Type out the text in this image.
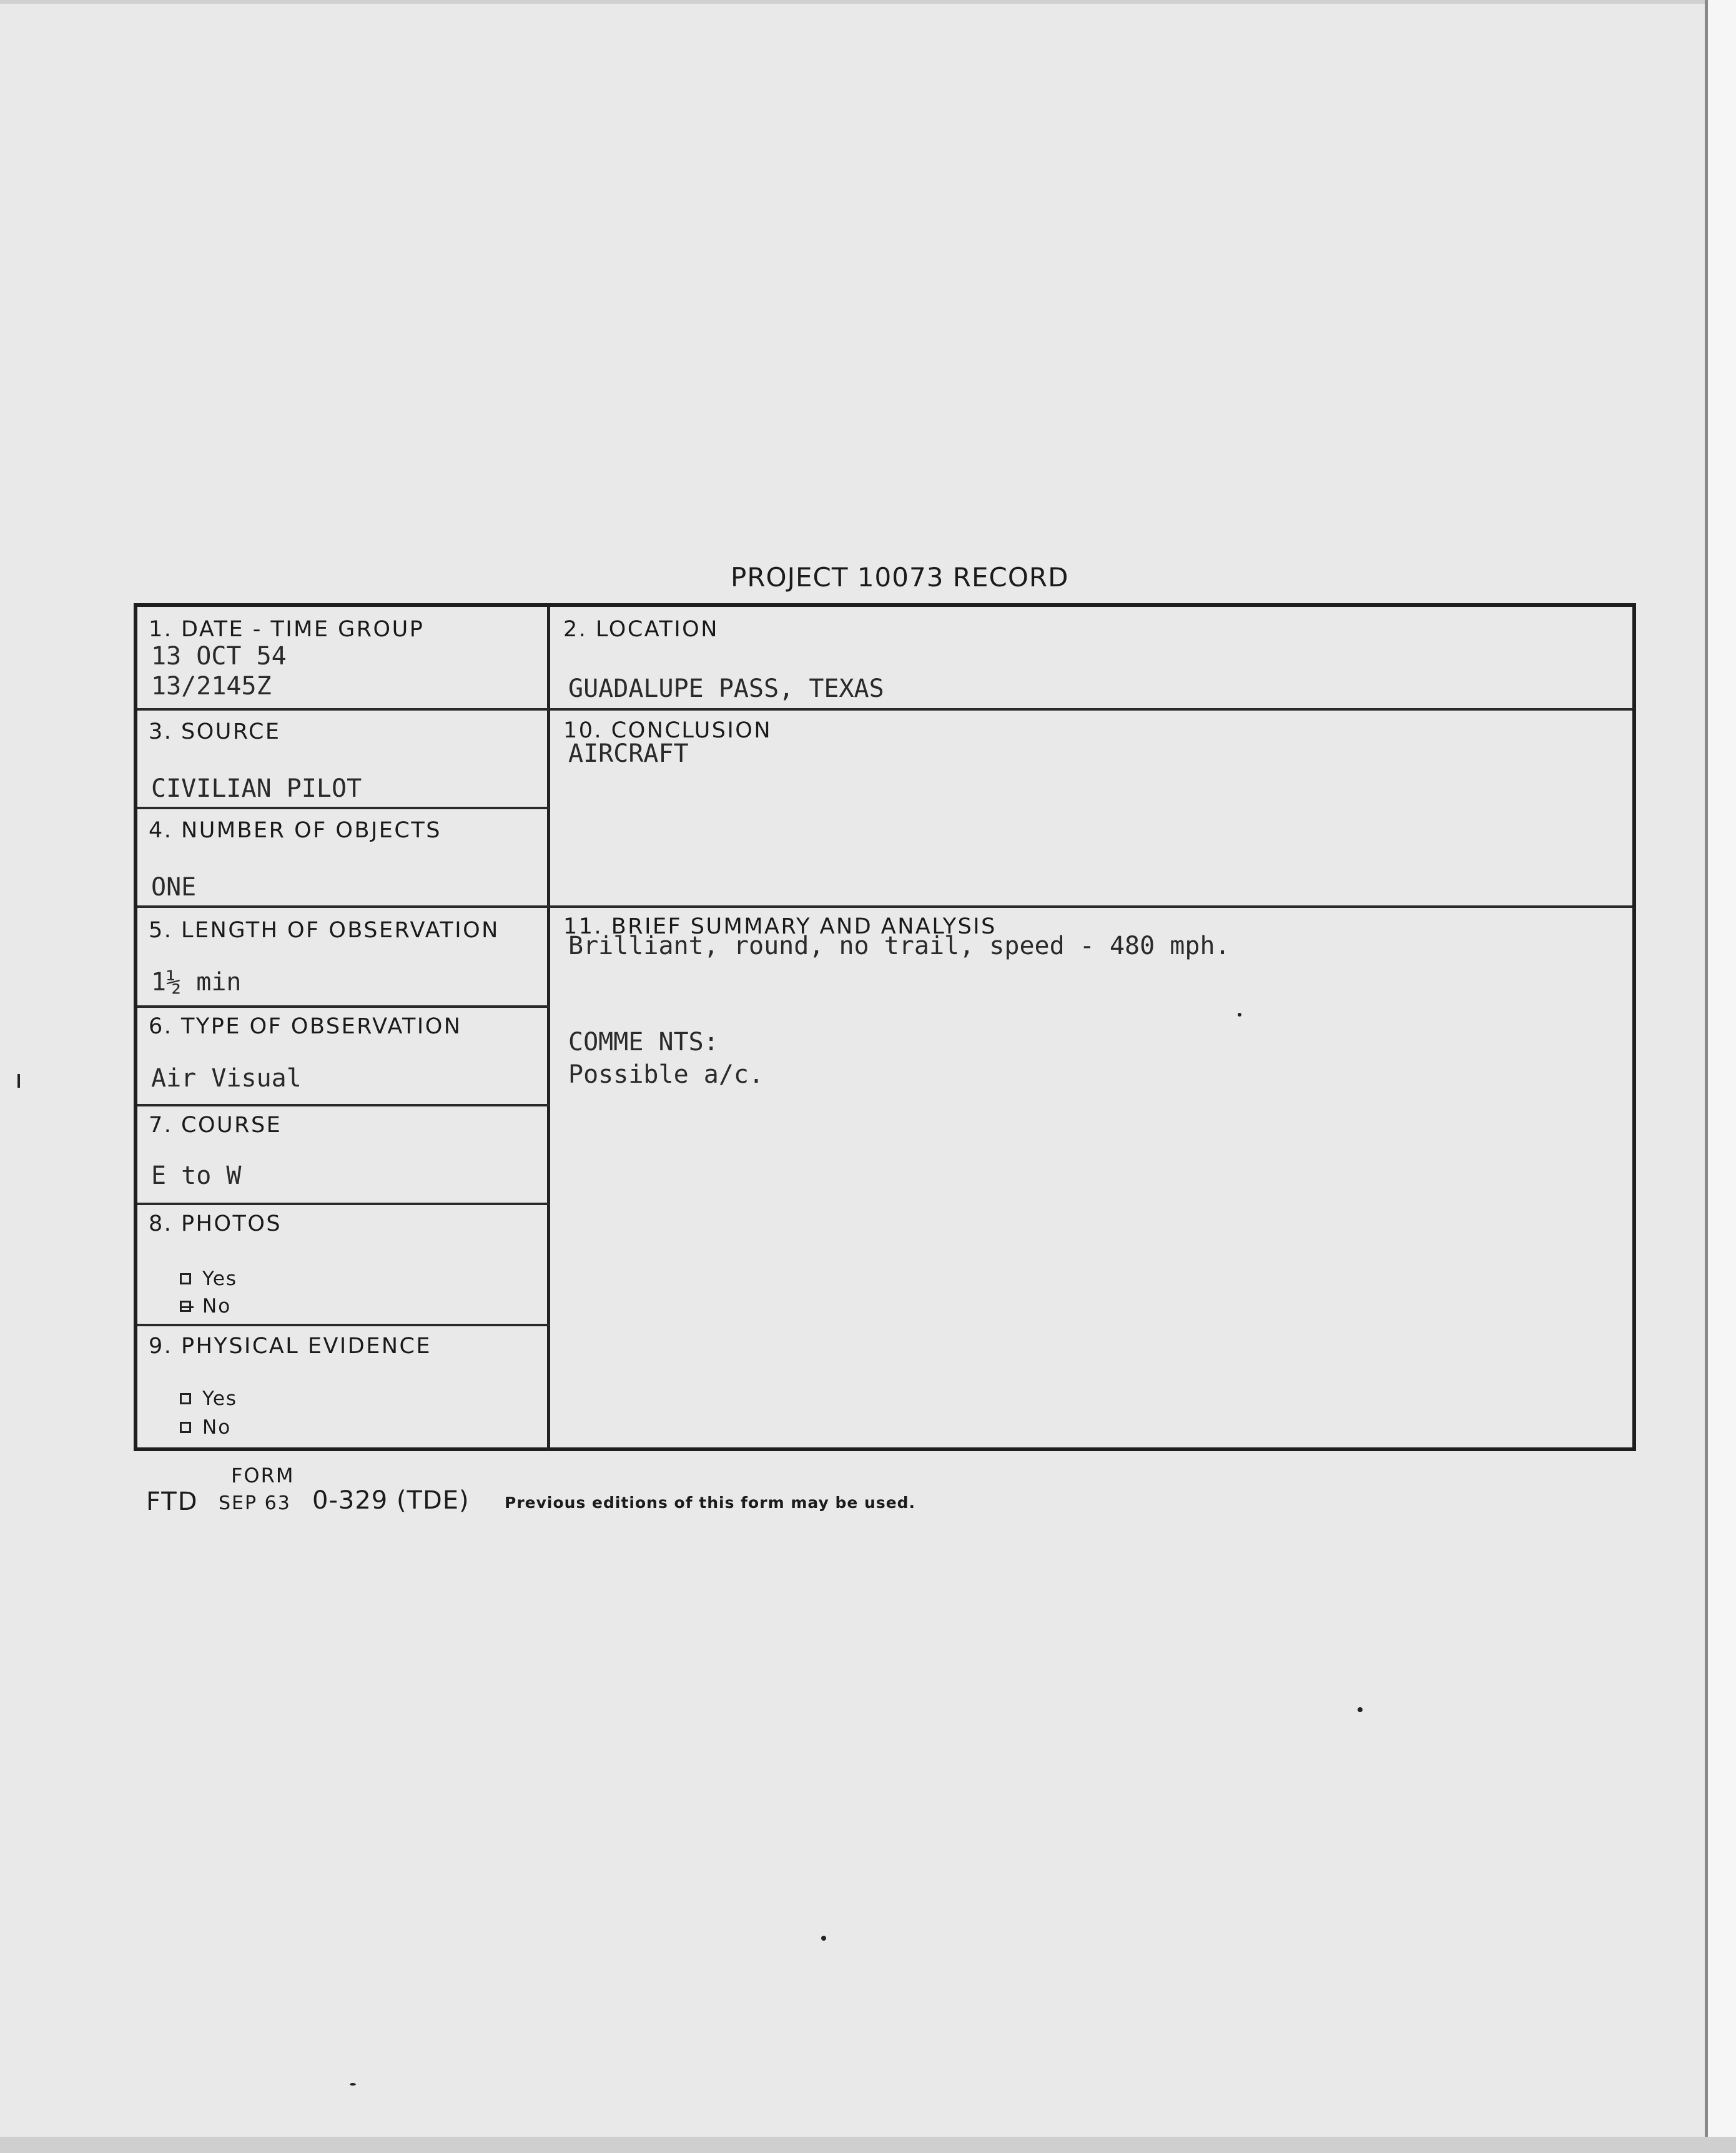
PROJECT 10073 RECORD
1. DATE - TIME GROUP
13 OCT 54
13/2145Z
2. LOCATION
GUADALUPE PASS, TEXAS
3. SOURCE
CIVILIAN PILOT
10. CONCLUSION
AIRCRAFT
4. NUMBER OF OBJECTS
ONE
5. LENGTH OF OBSERVATION
1½ min
11. BRIEF SUMMARY AND ANALYSIS
Brilliant, round, no trail, speed - 480 mph.
COMME NTS:
Possible a/c.
6. TYPE OF OBSERVATION
Air Visual
7. COURSE
E to W
8. PHOTOS
Yes
No
9. PHYSICAL EVIDENCE
Yes
No
FORM
FTD SEP 63 0-329 (TDE) Previous editions of this form may be used.
